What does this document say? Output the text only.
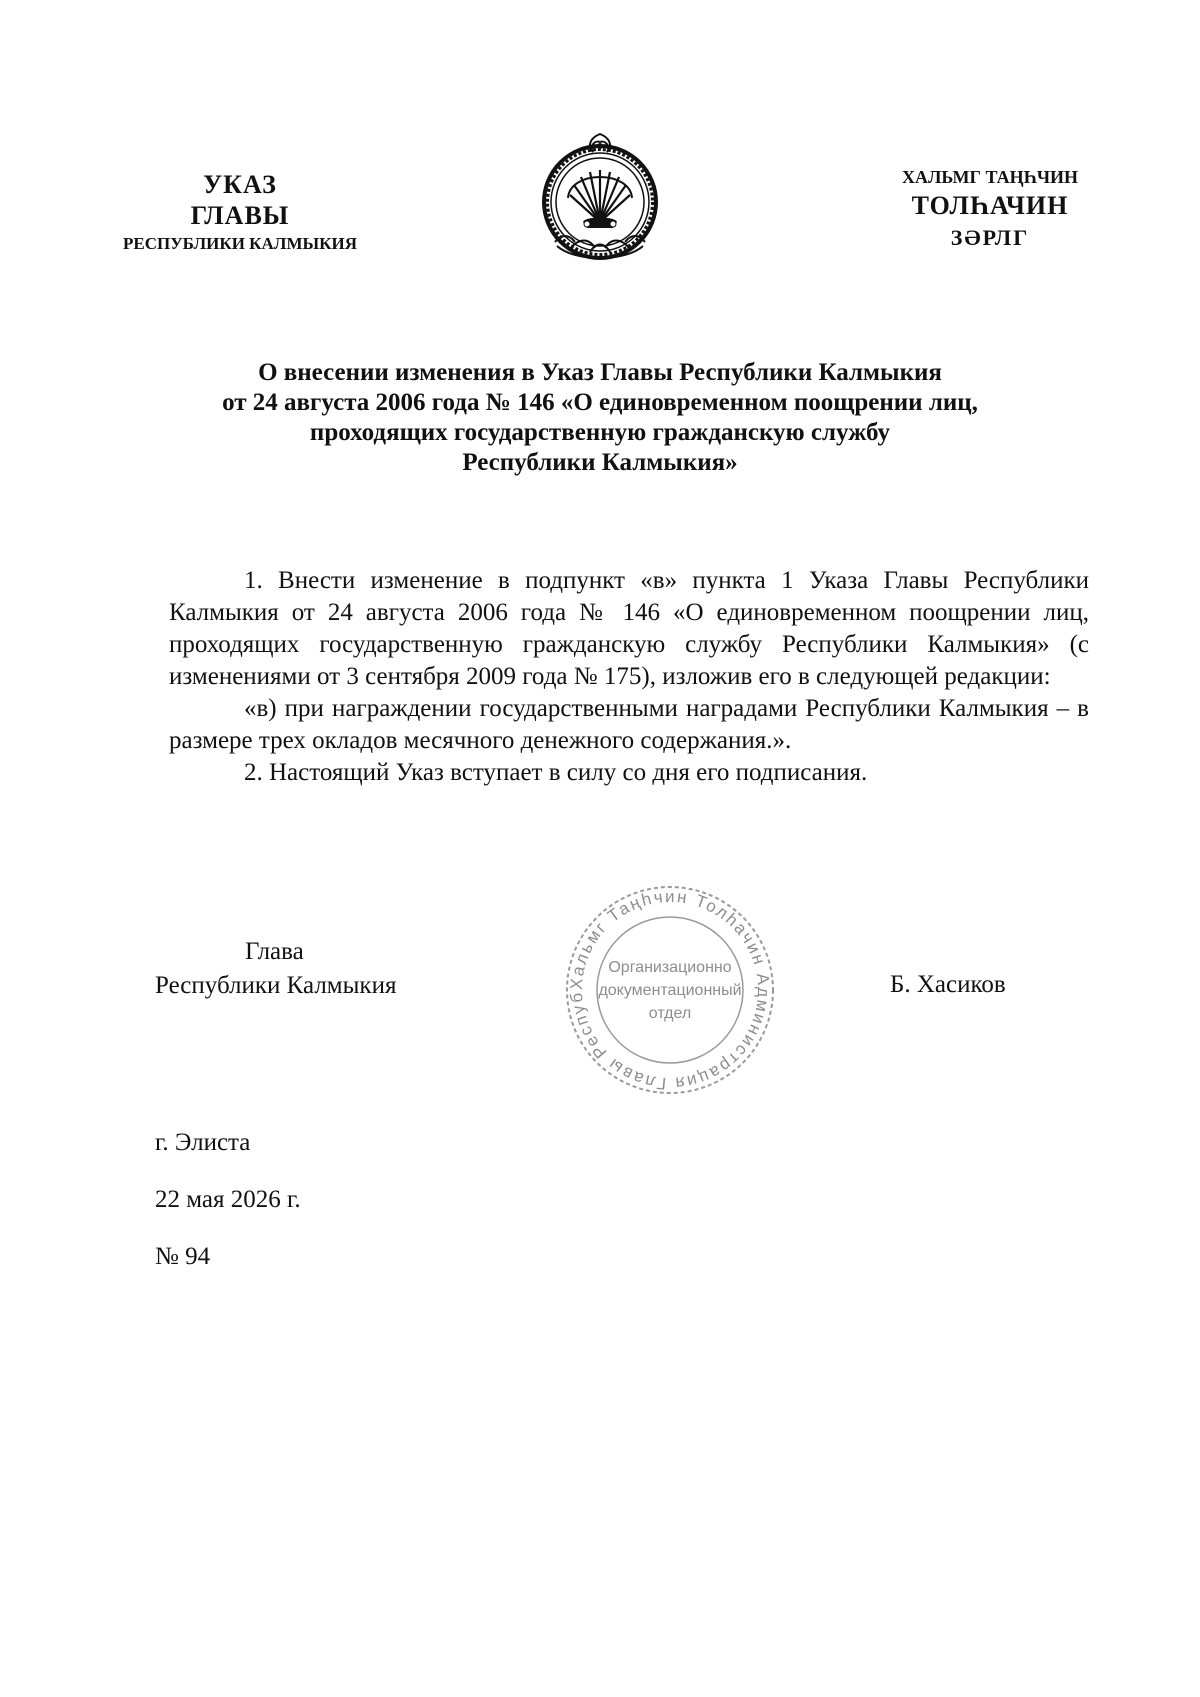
УКАЗ
ГЛАВЫ
РЕСПУБЛИКИ КАЛМЫКИЯ
ХАЛЬМГ ТАҢҺЧИН
ТОЛҺАЧИН
ЗӘРЛГ
О внесении изменения в Указ Главы Республики Калмыкия
от 24 августа 2006 года № 146 «О единовременном поощрении лиц,
проходящих государственную гражданскую службу
Республики Калмыкия»

1. Внести изменение в подпункт «в» пункта 1 Указа Главы Республики Калмыкия от 24 августа 2006 года № 146 «О единовременном поощрении лиц, проходящих государственную гражданскую службу Республики Калмыкия» (с изменениями от 3 сентября 2009 года № 175), изложив его в следующей редакции:

«в) при награждении государственными наградами Республики Калмыкия – в размере трех окладов месячного денежного содержания.».

2. Настоящий Указ вступает в силу со дня его подписания.

Глава
Республики Калмыкия	Хальмг Таңһчин Толһачин Администрация Главы Респуб
Организационно
документационный
отдел
Б. Хасиков
г. Элиста
22 мая 2026 г.
№ 94
